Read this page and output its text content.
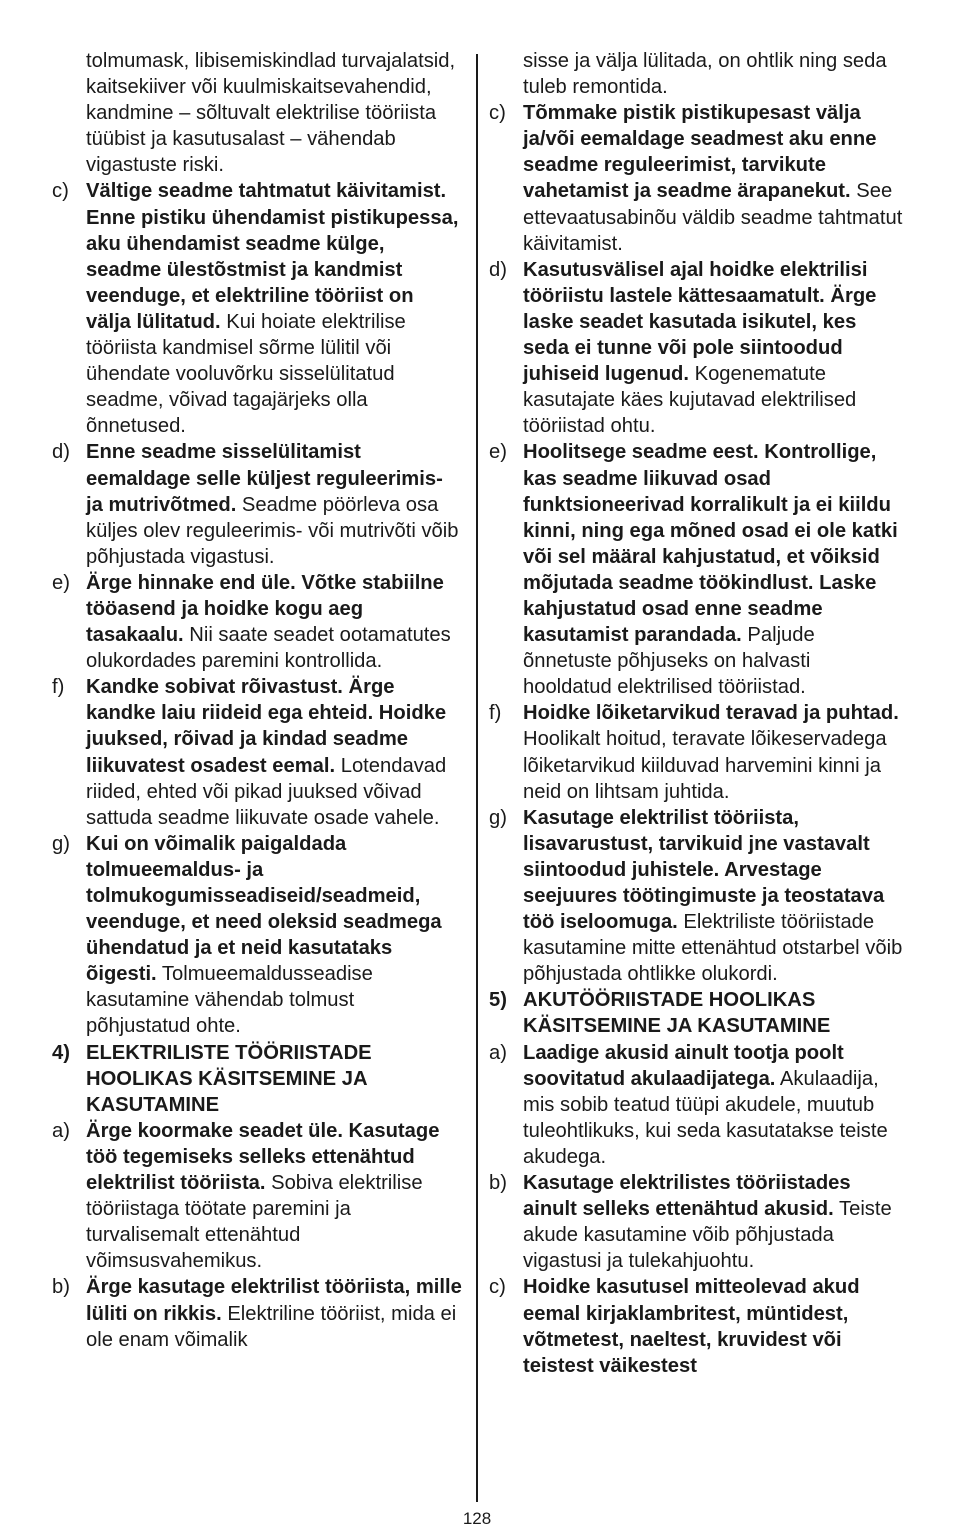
tolmumask, libisemiskindlad turvajalatsid, kaitsekiiver või kuulmiskaitsevahendid, kandmine – sõltuvalt elektrilise tööriista tüübist ja kasutusalast – vähendab vigastuste riski.
c) Vältige seadme tahtmatut käivitamist. Enne pistiku ühendamist pistikupessa, aku ühendamist seadme külge, seadme ülestõstmist ja kandmist veenduge, et elektriline tööriist on välja lülitatud. Kui hoiate elektrilise tööriista kandmisel sõrme lülitil või ühendate vooluvõrku sisselülitatud seadme, võivad tagajärjeks olla õnnetused.
d) Enne seadme sisselülitamist eemaldage selle küljest reguleerimis- ja mutrivõtmed. Seadme pöörleva osa küljes olev reguleerimis- või mutrivõti võib põhjustada vigastusi.
e) Ärge hinnake end üle. Võtke stabiilne tööasend ja hoidke kogu aeg tasakaalu. Nii saate seadet ootamatutes olukordades paremini kontrollida.
f)	Kandke sobivat rõivastust. Ärge kandke laiu riideid ega ehteid. Hoidke juuksed, rõivad ja kindad seadme liikuvatest osadest eemal. Lotendavad riided, ehted või pikad juuksed võivad sattuda seadme liikuvate osade vahele.
g) Kui on võimalik paigaldada tolmueemaldus- ja tolmukogumisseadiseid/seadmeid, veenduge, et need oleksid seadmega ühendatud ja et neid kasutataks õigesti. Tolmueemaldusseadise kasutamine vähendab tolmust põhjustatud ohte.
4) ELEKTRILISTE TÖÖRIISTADE HOOLIKAS KÄSITSEMINE JA KASUTAMINE
a) Ärge koormake seadet üle. Kasutage töö tegemiseks selleks ettenähtud elektrilist tööriista. Sobiva elektrilise tööriistaga töötate paremini ja turvalisemalt ettenähtud võimsusvahemikus.
b) Ärge kasutage elektrilist tööriista, mille lüliti on rikkis. Elektriline tööriist, mida ei ole enam võimalik
sisse ja välja lülitada, on ohtlik ning seda tuleb remontida.
c) Tõmmake pistik pistikupesast välja ja/või eemaldage seadmest aku enne seadme reguleerimist, tarvikute vahetamist ja seadme ärapanekut. See ettevaatusabinõu väldib seadme tahtmatut käivitamist.
d) Kasutusvälisel ajal hoidke elektrilisi tööriistu lastele kättesaamatult. Ärge laske seadet kasutada isikutel, kes seda ei tunne või pole siintoodud juhiseid lugenud. Kogenematute kasutajate käes kujutavad elektrilised tööriistad ohtu.
e) Hoolitsege seadme eest. Kontrollige, kas seadme liikuvad osad funktsioneerivad korralikult ja ei kiildu kinni, ning ega mõned osad ei ole katki või sel määral kahjustatud, et võiksid mõjutada seadme töökindlust. Laske kahjustatud osad enne seadme kasutamist parandada. Paljude õnnetuste põhjuseks on halvasti hooldatud elektrilised tööriistad.
f)	Hoidke lõiketarvikud teravad ja puhtad. Hoolikalt hoitud, teravate lõikeservadega lõiketarvikud kiilduvad harvemini kinni ja neid on lihtsam juhtida.
g) Kasutage elektrilist tööriista, lisavarustust, tarvikuid jne vastavalt siintoodud juhistele. Arvestage seejuures töötingimuste ja teostatava töö iseloomuga. Elektriliste tööriistade kasutamine mitte ettenähtud otstarbel võib põhjustada ohtlikke olukordi.
5) AKUTÖÖRIISTADE HOOLIKAS KÄSITSEMINE JA KASUTAMINE
a) Laadige akusid ainult tootja poolt soovitatud akulaadijatega. Akulaadija, mis sobib teatud tüüpi akudele, muutub tuleohtlikuks, kui seda kasutatakse teiste akudega.
b) Kasutage elektrilistes tööriistades ainult selleks ettenähtud akusid. Teiste akude kasutamine võib põhjustada vigastusi ja tulekahjuohtu.
c) Hoidke kasutusel mitteolevad akud eemal kirjaklambritest, müntidest, võtmetest, naeltest, kruvidest või teistest väikestest
128
